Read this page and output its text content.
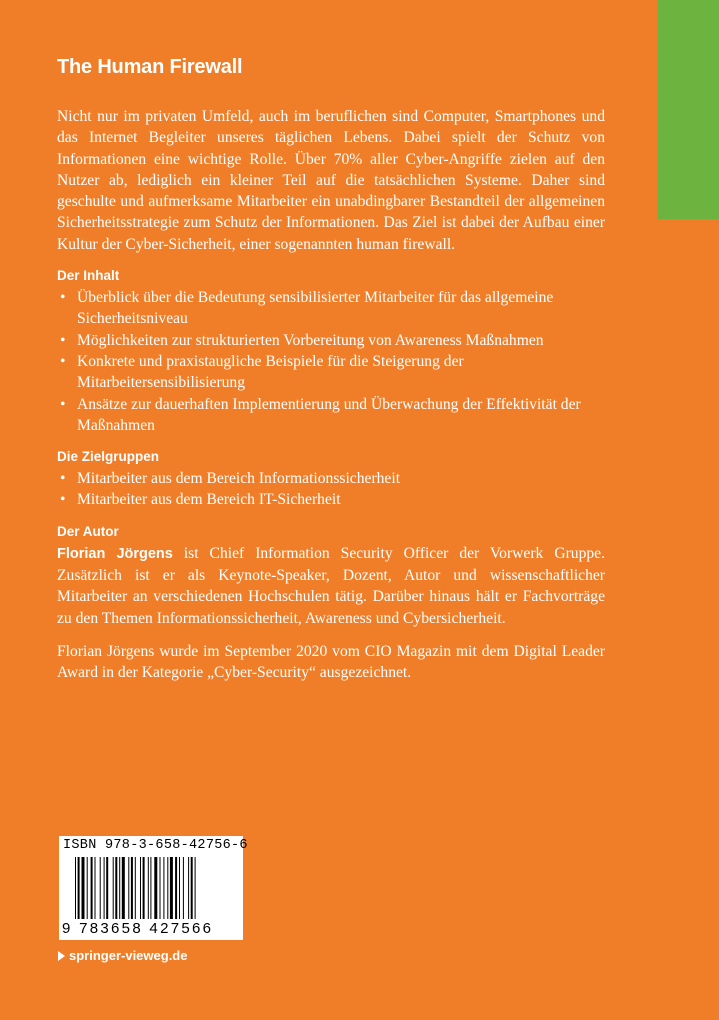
The Human Firewall

Nicht nur im privaten Umfeld, auch im beruflichen sind Computer, Smartphones und das Internet Begleiter unseres täglichen Lebens. Dabei spielt der Schutz von Informationen eine wichtige Rolle. Über 70% aller Cyber-Angriffe zielen auf den Nutzer ab, lediglich ein kleiner Teil auf die tatsächlichen Systeme. Daher sind geschulte und aufmerksame Mitarbeiter ein unabdingbarer Bestandteil der allgemeinen Sicherheitsstrategie zum Schutz der Informationen. Das Ziel ist dabei der Aufbau einer Kultur der Cyber-Sicherheit, einer sogenannten human firewall.

Der Inhalt
• Überblick über die Bedeutung sensibilisierter Mitarbeiter für das allgemeine Sicherheitsniveau
• Möglichkeiten zur strukturierten Vorbereitung von Awareness Maßnahmen
• Konkrete und praxistaugliche Beispiele für die Steigerung der Mitarbeitersensibilisierung
• Ansätze zur dauerhaften Implementierung und Überwachung der Effektivität der Maßnahmen
Die Zielgruppen
• Mitarbeiter aus dem Bereich Informationssicherheit
• Mitarbeiter aus dem Bereich IT-Sicherheit
Der Autor

Florian Jörgens ist Chief Information Security Officer der Vorwerk Gruppe. Zusätzlich ist er als Keynote-Speaker, Dozent, Autor und wissenschaftlicher Mitarbeiter an verschiedenen Hochschulen tätig. Darüber hinaus hält er Fachvorträge zu den Themen Informationssicherheit, Awareness und Cybersicherheit.

Florian Jörgens wurde im September 2020 vom CIO Magazin mit dem Digital Leader Award in der Kategorie „Cyber-Security“ ausgezeichnet.

ISBN 978-3-658-42756-6
9 783658 427566
springer-vieweg.de
